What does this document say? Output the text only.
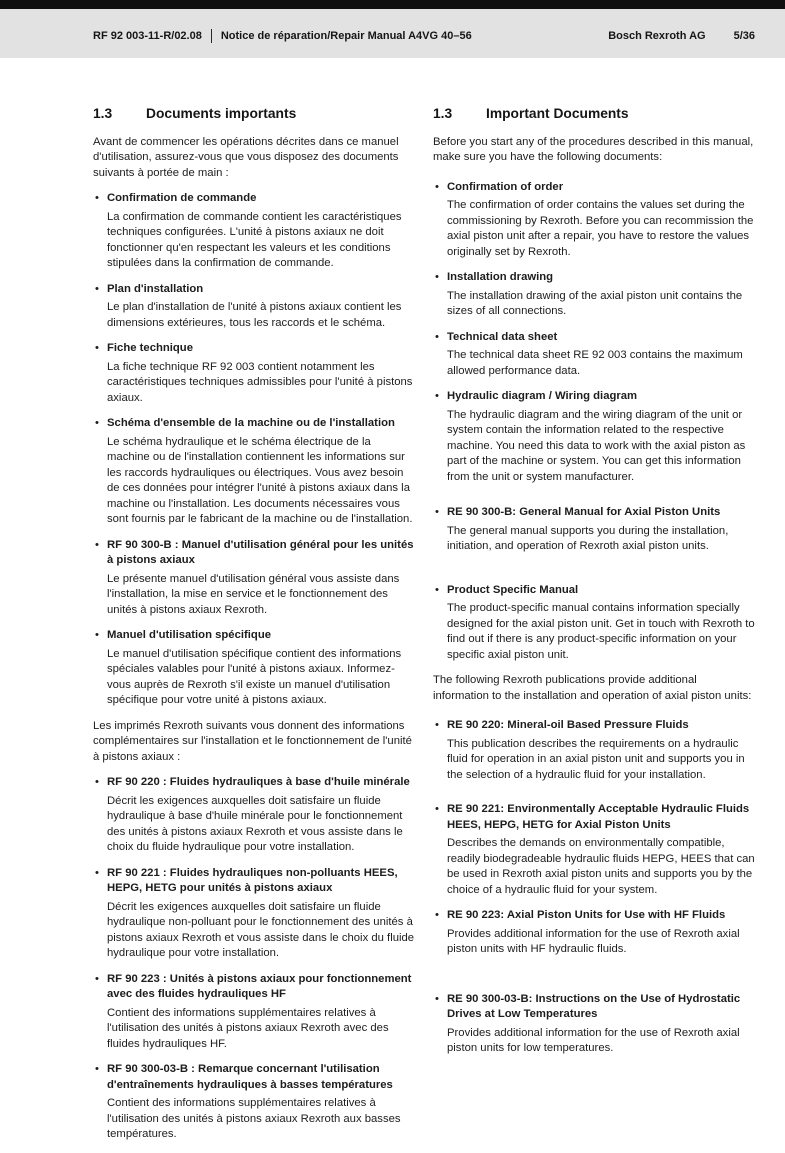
RF 92 003-11-R/02.08 Notice de réparation/Repair Manual A4VG 40–56	Bosch Rexroth AG	5/36
1.3	Documents importants

Avant de commencer les opérations décrites dans ce manuel d'utilisation, assurez-vous que vous disposez des documents suivants à portée de main :

• Confirmation de commande

La confirmation de commande contient les caractéristiques techniques configurées. L'unité à pistons axiaux ne doit fonctionner qu'en respectant les valeurs et les conditions stipulées dans la confirmation de commande.

• Plan d'installation

Le plan d'installation de l'unité à pistons axiaux contient les dimensions extérieures, tous les raccords et le schéma.

• Fiche technique

La fiche technique RF 92 003 contient notamment les caractéristiques techniques admissibles pour l'unité à pistons axiaux.

• Schéma d'ensemble de la machine ou de l'installation

Le schéma hydraulique et le schéma électrique de la machine ou de l'installation contiennent les informations sur les raccords hydrauliques ou électriques. Vous avez besoin de ces données pour intégrer l'unité à pistons axiaux dans la machine ou l'installation. Les documents nécessaires vous sont fournis par le fabricant de la machine ou de l'installation.

• RF 90 300-B : Manuel d'utilisation général pour les unités à pistons axiaux

Le présente manuel d'utilisation général vous assiste dans l'installation, la mise en service et le fonctionnement des unités à pistons axiaux Rexroth.

• Manuel d'utilisation spécifique

Le manuel d'utilisation spécifique contient des informations spéciales valables pour l'unité à pistons axiaux. Informez-vous auprès de Rexroth s'il existe un manuel d'utilisation spécifique pour votre unité à pistons axiaux.

Les imprimés Rexroth suivants vous donnent des informations complémentaires sur l'installation et le fonctionnement de l'unité à pistons axiaux :

• RF 90 220 : Fluides hydrauliques à base d'huile minérale

Décrit les exigences auxquelles doit satisfaire un fluide hydraulique à base d'huile minérale pour le fonctionnement des unités à pistons axiaux Rexroth et vous assiste dans le choix du fluide hydraulique pour votre installation.

• RF 90 221 : Fluides hydrauliques non-polluants HEES, HEPG, HETG pour unités à pistons axiaux

Décrit les exigences auxquelles doit satisfaire un fluide hydraulique non-polluant pour le fonctionnement des unités à pistons axiaux Rexroth et vous assiste dans le choix du fluide hydraulique pour votre installation.

• RF 90 223 : Unités à pistons axiaux pour fonctionnement avec des fluides hydrauliques HF

Contient des informations supplémentaires relatives à l'utilisation des unités à pistons axiaux Rexroth avec des fluides hydrauliques HF.

• RF 90 300-03-B : Remarque concernant l'utilisation d'entraînements hydrauliques à basses températures

Contient des informations supplémentaires relatives à l'utilisation des unités à pistons axiaux Rexroth aux basses températures.

1.3	Important Documents

Before you start any of the procedures described in this manual, make sure you have the following documents:

• Confirmation of order

The confirmation of order contains the values set during the commissioning by Rexroth. Before you can recommission the axial piston unit after a repair, you have to restore the values originally set by Rexroth.

• Installation drawing

The installation drawing of the axial piston unit contains the sizes of all connections.

• Technical data sheet

The technical data sheet RE 92 003 contains the maximum allowed performance data.

• Hydraulic diagram / Wiring diagram

The hydraulic diagram and the wiring diagram of the unit or system contain the information related to the respective machine. You need this data to work with the axial piston as part of the machine or system. You can get this information from the unit or system manufacturer.

• RE 90 300-B: General Manual for Axial Piston Units

The general manual supports you during the installation, initiation, and operation of Rexroth axial piston units.

• Product Specific Manual

The product-specific manual contains information specially designed for the axial piston unit. Get in touch with Rexroth to find out if there is any product-specific information on your specific axial piston unit.

The following Rexroth publications provide additional information to the installation and operation of axial piston units:

• RE 90 220: Mineral-oil Based Pressure Fluids

This publication describes the requirements on a hydraulic fluid for operation in an axial piston unit and supports you in the selection of a hydraulic fluid for your installation.

• RE 90 221: Environmentally Acceptable Hydraulic Fluids HEES, HEPG, HETG for Axial Piston Units

Describes the demands on environmentally compatible, readily biodegradeable hydraulic fluids HEPG, HEES that can be used in Rexroth axial piston units and supports you by the choice of a hydraulic fluid for your system.

• RE 90 223: Axial Piston Units for Use with HF Fluids

Provides additional information for the use of Rexroth axial piston units with HF hydraulic fluids.

• RE 90 300-03-B: Instructions on the Use of Hydrostatic Drives at Low Temperatures

Provides additional information for the use of Rexroth axial piston units for low temperatures.
